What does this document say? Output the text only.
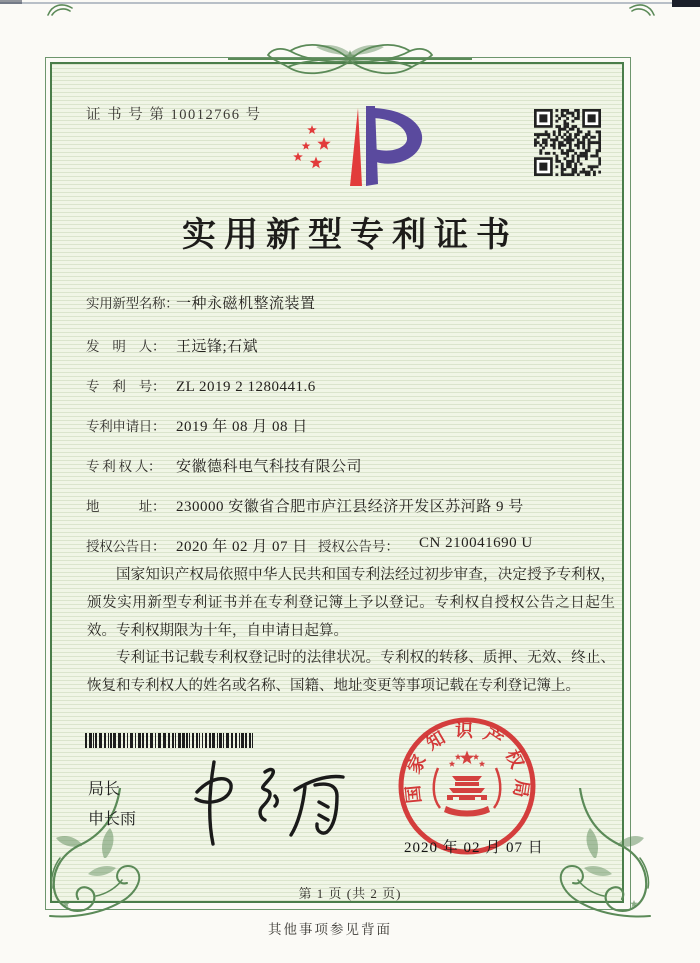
证 书 号 第 10012766 号
实用新型专利证书
实用新型名称：一种永磁机整流装置
发　明　人： 王远锋;石斌
专　利　号： ZL 2019 2 1280441.6
专利申请日： 2019 年 08 月 08 日
专 利 权 人： 安徽德科电气科技有限公司
地　　　址： 230000 安徽省合肥市庐江县经济开发区苏河路 9 号
授权公告日： 2020 年 02 月 07 日 授权公告号： CN 210041690 U

国家知识产权局依照中华人民共和国专利法经过初步审查，决定授予专利权，颁发实用新型专利证书并在专利登记簿上予以登记。专利权自授权公告之日起生效。专利权期限为十年，自申请日起算。

专利证书记载专利权登记时的法律状况。专利权的转移、质押、无效、终止、恢复和专利权人的姓名或名称、国籍、地址变更等事项记载在专利登记簿上。

局长
申长雨
国家知识产权局
2020 年 02 月 07 日
第 1 页 (共 2 页)
其他事项参见背面
